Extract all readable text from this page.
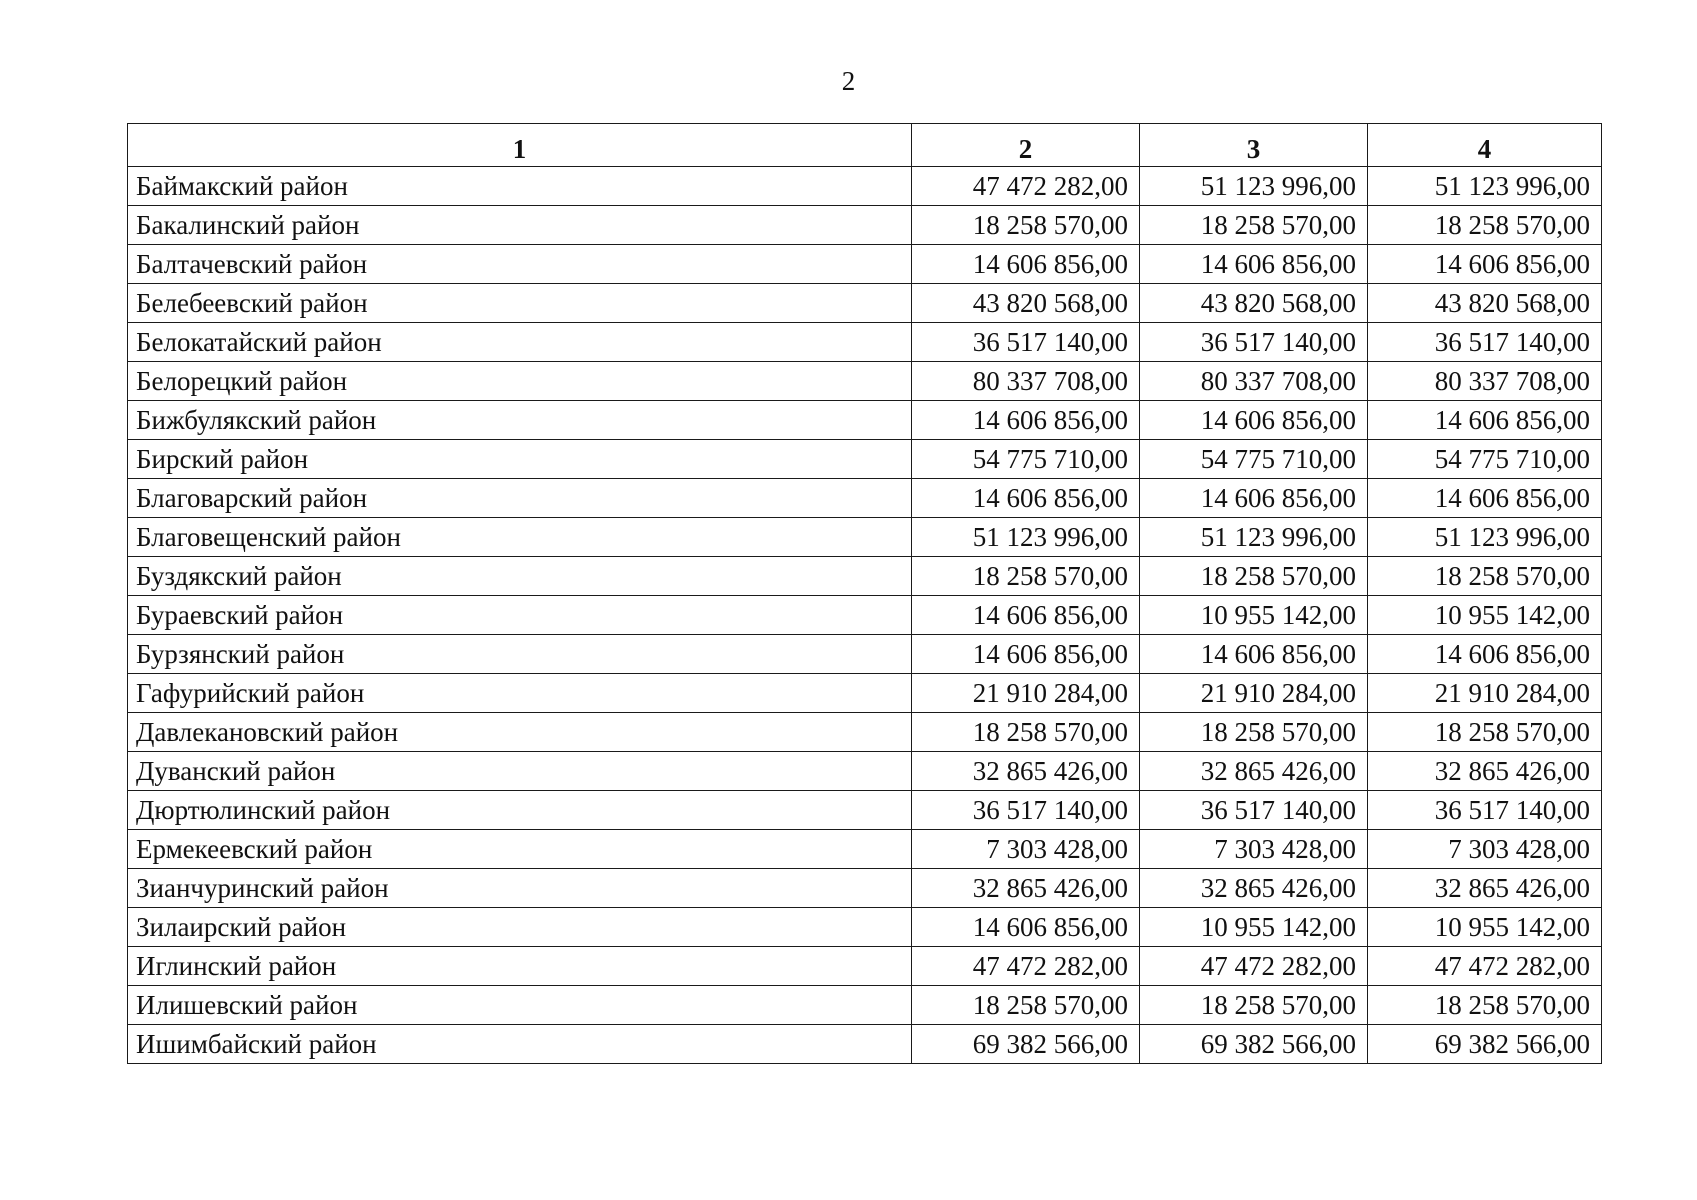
2
1	2	3	4
Баймакский район	47 472 282,00	51 123 996,00	51 123 996,00
Бакалинский район	18 258 570,00	18 258 570,00	18 258 570,00
Балтачевский район	14 606 856,00	14 606 856,00	14 606 856,00
Белебеевский район	43 820 568,00	43 820 568,00	43 820 568,00
Белокатайский район	36 517 140,00	36 517 140,00	36 517 140,00
Белорецкий район	80 337 708,00	80 337 708,00	80 337 708,00
Бижбулякский район	14 606 856,00	14 606 856,00	14 606 856,00
Бирский район	54 775 710,00	54 775 710,00	54 775 710,00
Благоварский район	14 606 856,00	14 606 856,00	14 606 856,00
Благовещенский район	51 123 996,00	51 123 996,00	51 123 996,00
Буздякский район	18 258 570,00	18 258 570,00	18 258 570,00
Бураевский район	14 606 856,00	10 955 142,00	10 955 142,00
Бурзянский район	14 606 856,00	14 606 856,00	14 606 856,00
Гафурийский район	21 910 284,00	21 910 284,00	21 910 284,00
Давлекановский район	18 258 570,00	18 258 570,00	18 258 570,00
Дуванский район	32 865 426,00	32 865 426,00	32 865 426,00
Дюртюлинский район	36 517 140,00	36 517 140,00	36 517 140,00
Ермекеевский район	7 303 428,00	7 303 428,00	7 303 428,00
Зианчуринский район	32 865 426,00	32 865 426,00	32 865 426,00
Зилаирский район	14 606 856,00	10 955 142,00	10 955 142,00
Иглинский район	47 472 282,00	47 472 282,00	47 472 282,00
Илишевский район	18 258 570,00	18 258 570,00	18 258 570,00
Ишимбайский район	69 382 566,00	69 382 566,00	69 382 566,00
